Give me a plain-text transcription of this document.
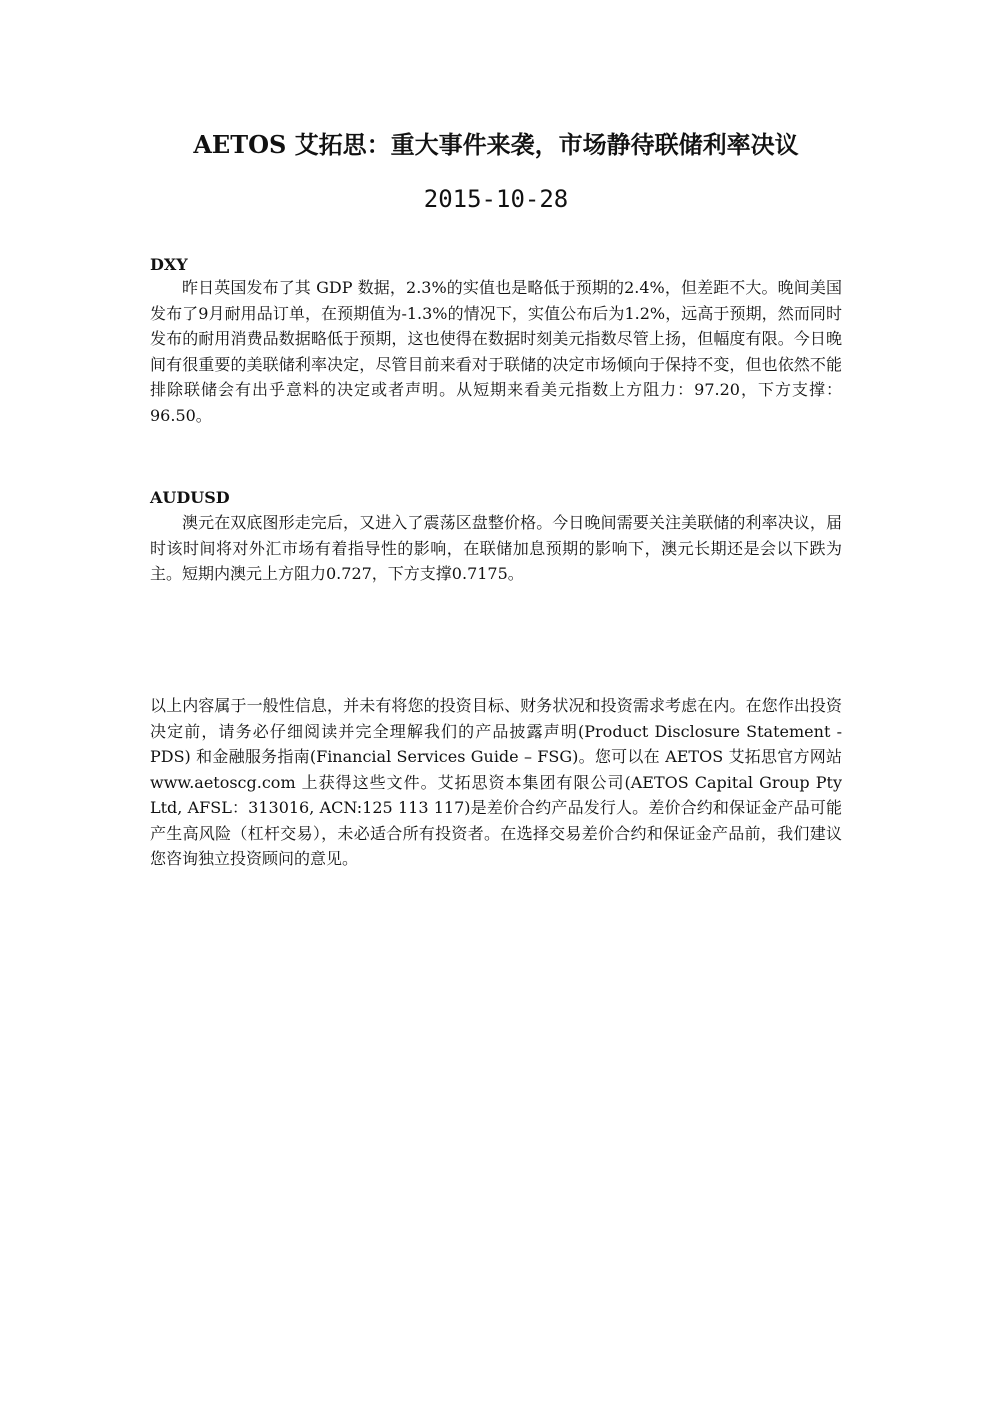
AETOS 艾拓思：重大事件来袭，市场静待联储利率决议
2015-10-28
DXY

昨日英国发布了其 GDP 数据，2.3%的实值也是略低于预期的2.4%，但差距不大。晚间美国发布了9月耐用品订单，在预期值为-1.3%的情况下，实值公布后为1.2%，远高于预期，然而同时发布的耐用消费品数据略低于预期，这也使得在数据时刻美元指数尽管上扬，但幅度有限。今日晚间有很重要的美联储利率决定，尽管目前来看对于联储的决定市场倾向于保持不变，但也依然不能排除联储会有出乎意料的决定或者声明。从短期来看美元指数上方阻力：97.20，下方支撑：96.50。

AUDUSD

澳元在双底图形走完后，又进入了震荡区盘整价格。今日晚间需要关注美联储的利率决议，届时该时间将对外汇市场有着指导性的影响，在联储加息预期的影响下，澳元长期还是会以下跌为主。短期内澳元上方阻力0.727，下方支撑0.7175。

以上内容属于一般性信息，并未有将您的投资目标、财务状况和投资需求考虑在内。在您作出投资决定前，请务必仔细阅读并完全理解我们的产品披露声明(Product Disclosure Statement - PDS) 和金融服务指南(Financial Services Guide – FSG)。您可以在 AETOS 艾拓思官方网站 www.aetoscg.com 上获得这些文件。艾拓思资本集团有限公司(AETOS Capital Group Pty Ltd, AFSL：313016, ACN:125 113 117)是差价合约产品发行人。差价合约和保证金产品可能产生高风险（杠杆交易），未必适合所有投资者。在选择交易差价合约和保证金产品前，我们建议您咨询独立投资顾问的意见。
